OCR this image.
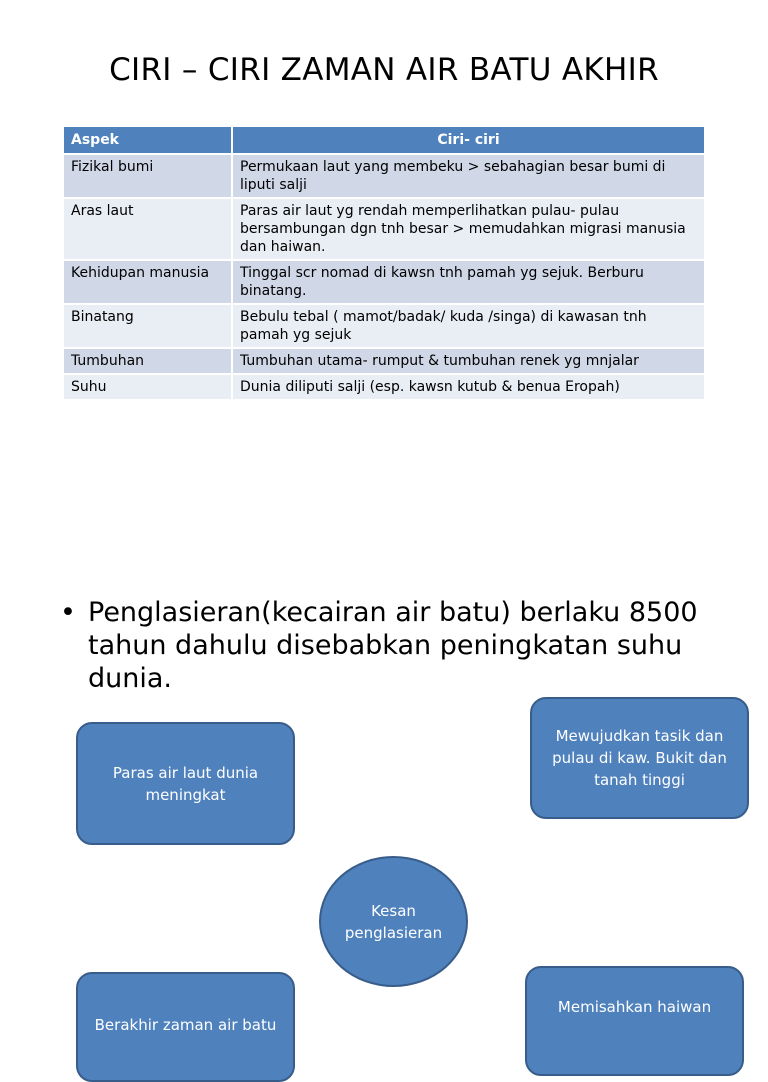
CIRI – CIRI ZAMAN AIR BATU AKHIR
Aspek	Ciri- ciri
Fizikal bumi	Permukaan laut yang membeku > sebahagian besar bumi di liputi salji
Aras laut	Paras air laut yg rendah memperlihatkan pulau- pulau bersambungan dgn tnh besar > memudahkan migrasi manusia dan haiwan.
Kehidupan manusia	Tinggal scr nomad di kawsn tnh pamah yg sejuk. Berburu binatang.
Binatang	Bebulu tebal ( mamot/badak/ kuda /singa) di kawasan tnh pamah yg sejuk
Tumbuhan	Tumbuhan utama- rumput & tumbuhan renek yg mnjalar
Suhu	Dunia diliputi salji (esp. kawsn kutub & benua Eropah)
• Penglasieran(kecairan air batu) berlaku 8500 tahun dahulu disebabkan peningkatan suhu dunia.
Paras air laut dunia meningkat
Mewujudkan tasik dan pulau di kaw. Bukit dan tanah tinggi
Kesan penglasieran
Berakhir zaman air batu
Memisahkan haiwan
